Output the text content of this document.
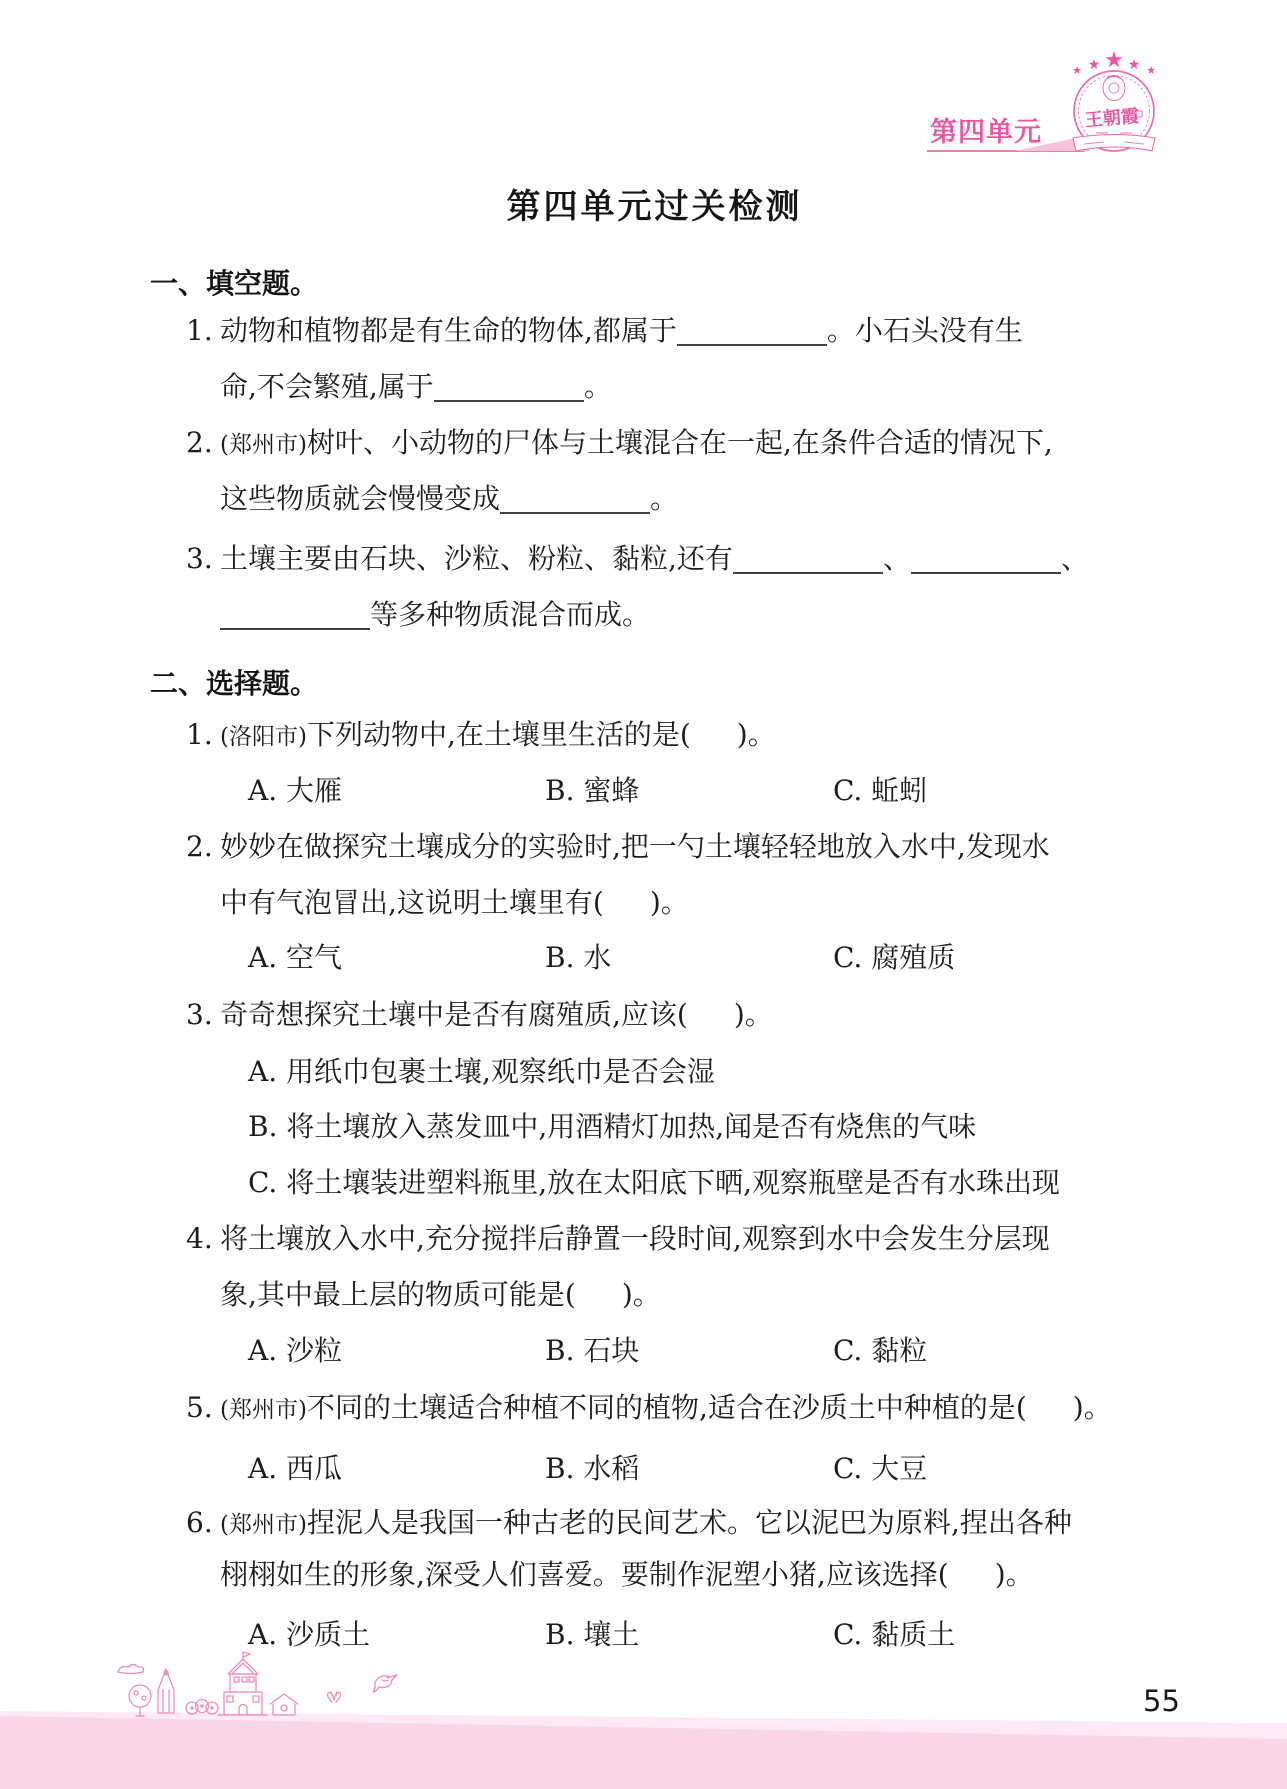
第四单元
★ ★ ★ ★ ★
王朝霞
第四单元过关检测
一、填空题。
1. 动物和植物都是有生命的物体,都属于	。小石头没有生
命,不会繁殖,属于	。
2. (郑州市)树叶、小动物的尸体与土壤混合在一起,在条件合适的情况下,
这些物质就会慢慢变成	。
3. 土壤主要由石块、沙粒、粉粒、黏粒,还有	、	、
等多种物质混合而成。
二、选择题。
1. (洛阳市)下列动物中,在土壤里生活的是( )。
A. 大雁	B. 蜜蜂	C. 蚯蚓
2. 妙妙在做探究土壤成分的实验时,把一勺土壤轻轻地放入水中,发现水
中有气泡冒出,这说明土壤里有( )。
A. 空气	B. 水	C. 腐殖质
3. 奇奇想探究土壤中是否有腐殖质,应该( )。
A. 用纸巾包裹土壤,观察纸巾是否会湿
B. 将土壤放入蒸发皿中,用酒精灯加热,闻是否有烧焦的气味
C. 将土壤装进塑料瓶里,放在太阳底下晒,观察瓶壁是否有水珠出现
4. 将土壤放入水中,充分搅拌后静置一段时间,观察到水中会发生分层现
象,其中最上层的物质可能是( )。
A. 沙粒	B. 石块	C. 黏粒
5. (郑州市)不同的土壤适合种植不同的植物,适合在沙质土中种植的是( )。
A. 西瓜	B. 水稻	C. 大豆
6. (郑州市)捏泥人是我国一种古老的民间艺术。它以泥巴为原料,捏出各种
栩栩如生的形象,深受人们喜爱。要制作泥塑小猪,应该选择( )。
A. 沙质土	B. 壤土	C. 黏质土
55
